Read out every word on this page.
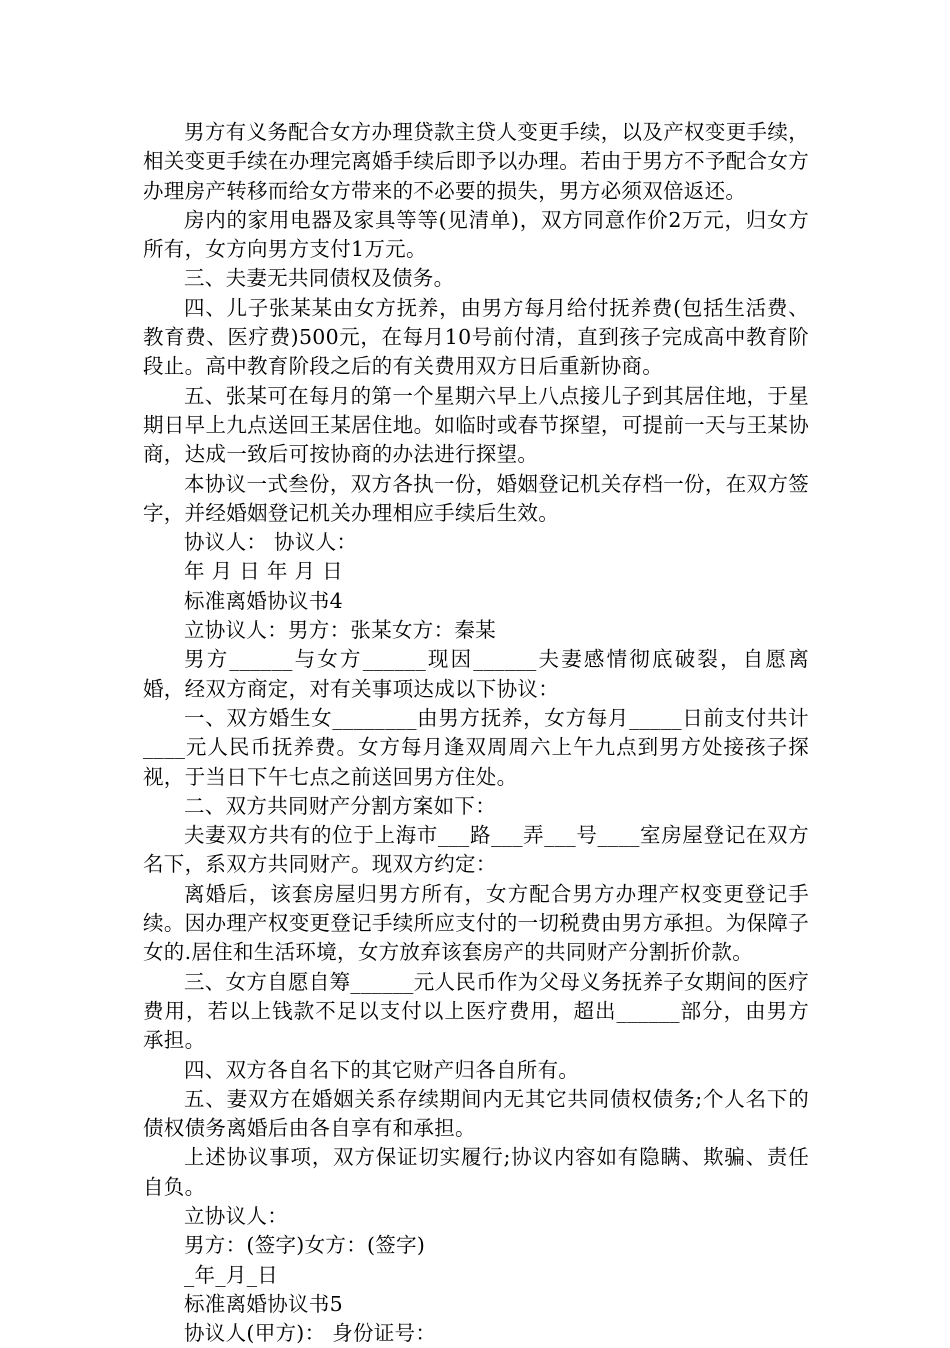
男方有义务配合女方办理贷款主贷人变更手续，以及产权变更手续，相关变更手续在办理完离婚手续后即予以办理。若由于男方不予配合女方办理房产转移而给女方带来的不必要的损失，男方必须双倍返还。

房内的家用电器及家具等等(见清单)，双方同意作价2万元，归女方所有，女方向男方支付1万元。

三、夫妻无共同债权及债务。

四、儿子张某某由女方抚养，由男方每月给付抚养费(包括生活费、教育费、医疗费)500元，在每月10号前付清，直到孩子完成高中教育阶段止。高中教育阶段之后的有关费用双方日后重新协商。

五、张某可在每月的第一个星期六早上八点接儿子到其居住地，于星期日早上九点送回王某居住地。如临时或春节探望，可提前一天与王某协商，达成一致后可按协商的办法进行探望。

本协议一式叁份，双方各执一份，婚姻登记机关存档一份，在双方签字，并经婚姻登记机关办理相应手续后生效。

协议人： 协议人：

年 月 日 年 月 日

标准离婚协议书4

立协议人：男方：张某女方：秦某

男方______与女方______现因______夫妻感情彻底破裂，自愿离婚，经双方商定，对有关事项达成以下协议：

一、双方婚生女________由男方抚养，女方每月_____日前支付共计____元人民币抚养费。女方每月逢双周周六上午九点到男方处接孩子探视，于当日下午七点之前送回男方住处。

二、双方共同财产分割方案如下：

夫妻双方共有的位于上海市___路___弄___号____室房屋登记在双方名下，系双方共同财产。现双方约定：

离婚后，该套房屋归男方所有，女方配合男方办理产权变更登记手续。因办理产权变更登记手续所应支付的一切税费由男方承担。为保障子女的.居住和生活环境，女方放弃该套房产的共同财产分割折价款。

三、女方自愿自筹______元人民币作为父母义务抚养子女期间的医疗费用，若以上钱款不足以支付以上医疗费用，超出______部分，由男方承担。

四、双方各自名下的其它财产归各自所有。

五、妻双方在婚姻关系存续期间内无其它共同债权债务;个人名下的债权债务离婚后由各自享有和承担。

上述协议事项，双方保证切实履行;协议内容如有隐瞒、欺骗、责任自负。

立协议人：

男方：(签字)女方：(签字)

_年_月_日

标准离婚协议书5

协议人(甲方)： 身份证号：
